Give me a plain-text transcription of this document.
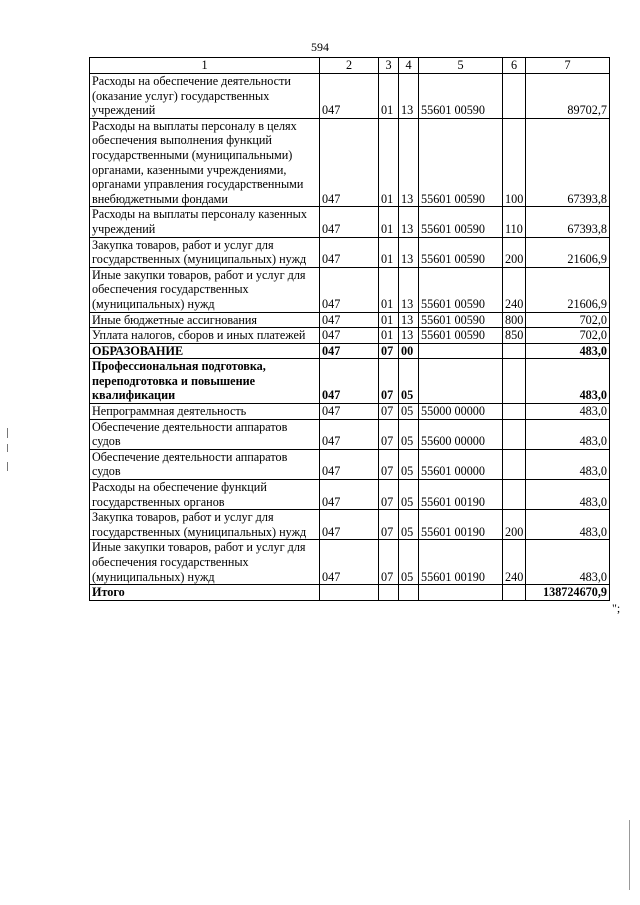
594
1	2	3	4	5	6	7
Расходы на обеспечение деятельности (оказание услуг) государственных учреждений	047	01	13	55601 00590		89702,7
Расходы на выплаты персоналу в целях обеспечения выполнения функций государственными (муниципальными) органами, казенными учреждениями, органами управления государственными внебюджетными фондами	047	01	13	55601 00590	100	67393,8
Расходы на выплаты персоналу казенных учреждений	047	01	13	55601 00590	110	67393,8
Закупка товаров, работ и услуг для государственных (муниципальных) нужд	047	01	13	55601 00590	200	21606,9
Иные закупки товаров, работ и услуг для обеспечения государственных (муниципальных) нужд	047	01	13	55601 00590	240	21606,9
Иные бюджетные ассигнования	047	01	13	55601 00590	800	702,0
Уплата налогов, сборов и иных платежей	047	01	13	55601 00590	850	702,0
ОБРАЗОВАНИЕ	047	07	00			483,0
Профессиональная подготовка, переподготовка и повышение квалификации	047	07	05			483,0
Непрограммная деятельность	047	07	05	55000 00000		483,0
Обеспечение деятельности аппаратов судов	047	07	05	55600 00000		483,0
Обеспечение деятельности аппаратов судов	047	07	05	55601 00000		483,0
Расходы на обеспечение функций государственных органов	047	07	05	55601 00190		483,0
Закупка товаров, работ и услуг для государственных (муниципальных) нужд	047	07	05	55601 00190	200	483,0
Иные закупки товаров, работ и услуг для обеспечения государственных (муниципальных) нужд	047	07	05	55601 00190	240	483,0
Итого						138724670,9
";
